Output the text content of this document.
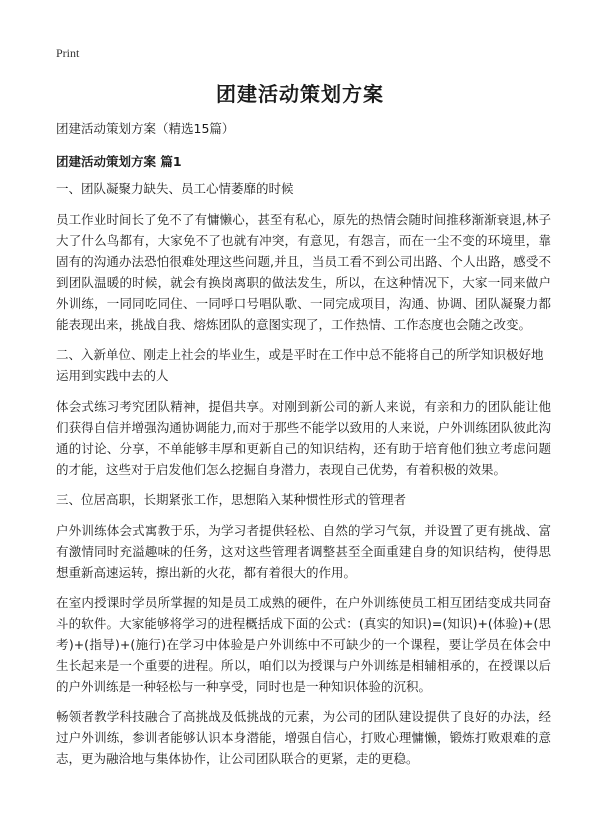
Print
团建活动策划方案
团建活动策划方案（精选15篇）
团建活动策划方案 篇1
一、团队凝聚力缺失、员工心情萎靡的时候
员工作业时间长了免不了有慵懒心，甚至有私心，原先的热情会随时间推移渐渐衰退,林子大了什么鸟都有，大家免不了也就有冲突，有意见，有怨言，而在一尘不变的环境里，靠固有的沟通办法恐怕很难处理这些问题,并且，当员工看不到公司出路、个人出路，感受不到团队温暖的时候，就会有换岗离职的做法发生，所以，在这种情况下，大家一同来做户外训练，一同同吃同住、一同呼口号唱队歌、一同完成项目，沟通、协调、团队凝聚力都能表现出来，挑战自我、熔炼团队的意图实现了，工作热情、工作态度也会随之改变。
二、入新单位、刚走上社会的毕业生，或是平时在工作中总不能将自己的所学知识极好地运用到实践中去的人
体会式练习考究团队精神，提倡共享。对刚到新公司的新人来说，有亲和力的团队能让他们获得自信并增强沟通协调能力,而对于那些不能学以致用的人来说，户外训练团队彼此沟通的讨论、分享，不单能够丰厚和更新自己的知识结构，还有助于培育他们独立考虑问题的才能，这些对于启发他们怎么挖掘自身潜力，表现自己优势，有着积极的效果。
三、位居高职，长期紧张工作，思想陷入某种惯性形式的管理者
户外训练体会式寓教于乐，为学习者提供轻松、自然的学习气氛，并设置了更有挑战、富有激情同时充溢趣味的任务，这对这些管理者调整甚至全面重建自身的知识结构，使得思想重新高速运转，擦出新的火花，都有着很大的作用。
在室内授课时学员所掌握的知是员工成熟的硬件，在户外训练使员工相互团结变成共同奋斗的软件。大家能够将学习的进程概括成下面的公式：(真实的知识)=(知识)+(体验)+(思考)+(指导)+(施行)在学习中体验是户外训练中不可缺少的一个课程，要让学员在体会中生长起来是一个重要的进程。所以，咱们以为授课与户外训练是相辅相承的，在授课以后的户外训练是一种轻松与一种享受，同时也是一种知识体验的沉积。
畅领者教学科技融合了高挑战及低挑战的元素，为公司的团队建设提供了良好的办法，经过户外训练，参训者能够认识本身潜能，增强自信心，打败心理慵懒，锻炼打败艰难的意志，更为融洽地与集体协作，让公司团队联合的更紧，走的更稳。
